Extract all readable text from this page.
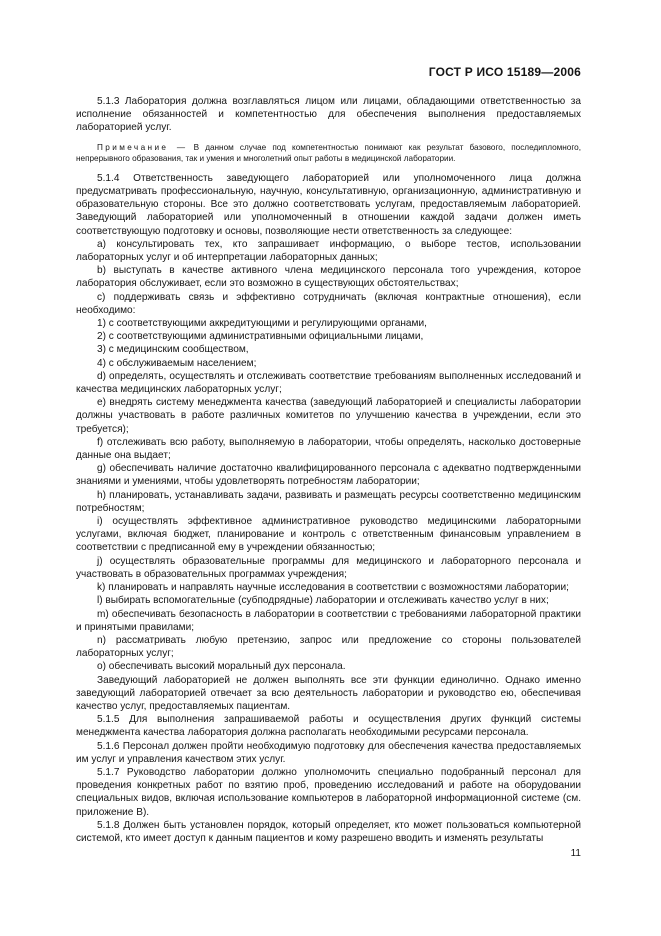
ГОСТ Р ИСО 15189—2006

5.1.3 Лаборатория должна возглавляться лицом или лицами, обладающими ответственностью за исполнение обязанностей и компетентностью для обеспечения выполнения предоставляемых лабораторией услуг.

Примечание — В данном случае под компетентностью понимают как результат базового, последипломного, непрерывного образования, так и умения и многолетний опыт работы в медицинской лаборатории.

5.1.4 Ответственность заведующего лабораторией или уполномоченного лица должна предусматривать профессиональную, научную, консультативную, организационную, административную и образовательную стороны. Все это должно соответствовать услугам, предоставляемым лабораторией. Заведующий лабораторией или уполномоченный в отношении каждой задачи должен иметь соответствующую подготовку и основы, позволяющие нести ответственность за следующее:

a) консультировать тех, кто запрашивает информацию, о выборе тестов, использовании лабораторных услуг и об интерпретации лабораторных данных;

b) выступать в качестве активного члена медицинского персонала того учреждения, которое лаборатория обслуживает, если это возможно в существующих обстоятельствах;

c) поддерживать связь и эффективно сотрудничать (включая контрактные отношения), если необходимо:

1) с соответствующими аккредитующими и регулирующими органами,

2) с соответствующими административными официальными лицами,

3) с медицинским сообществом,

4) с обслуживаемым населением;

d) определять, осуществлять и отслеживать соответствие требованиям выполненных исследований и качества медицинских лабораторных услуг;

e) внедрять систему менеджмента качества (заведующий лабораторией и специалисты лаборатории должны участвовать в работе различных комитетов по улучшению качества в учреждении, если это требуется);

f) отслеживать всю работу, выполняемую в лаборатории, чтобы определять, насколько достоверные данные она выдает;

g) обеспечивать наличие достаточно квалифицированного персонала с адекватно подтвержденными знаниями и умениями, чтобы удовлетворять потребностям лаборатории;

h) планировать, устанавливать задачи, развивать и размещать ресурсы соответственно медицинским потребностям;

i) осуществлять эффективное административное руководство медицинскими лабораторными услугами, включая бюджет, планирование и контроль с ответственным финансовым управлением в соответствии с предписанной ему в учреждении обязанностью;

j) осуществлять образовательные программы для медицинского и лабораторного персонала и участвовать в образовательных программах учреждения;

k) планировать и направлять научные исследования в соответствии с возможностями лаборатории;

l) выбирать вспомогательные (субподрядные) лаборатории и отслеживать качество услуг в них;

m) обеспечивать безопасность в лаборатории в соответствии с требованиями лабораторной практики и принятыми правилами;

n) рассматривать любую претензию, запрос или предложение со стороны пользователей лабораторных услуг;

o) обеспечивать высокий моральный дух персонала.

Заведующий лабораторией не должен выполнять все эти функции единолично. Однако именно заведующий лабораторией отвечает за всю деятельность лаборатории и руководство ею, обеспечивая качество услуг, предоставляемых пациентам.

5.1.5 Для выполнения запрашиваемой работы и осуществления других функций системы менеджмента качества лаборатория должна располагать необходимыми ресурсами персонала.

5.1.6 Персонал должен пройти необходимую подготовку для обеспечения качества предоставляемых им услуг и управления качеством этих услуг.

5.1.7 Руководство лаборатории должно уполномочить специально подобранный персонал для проведения конкретных работ по взятию проб, проведению исследований и работе на оборудовании специальных видов, включая использование компьютеров в лабораторной информационной системе (см. приложение B).

5.1.8 Должен быть установлен порядок, который определяет, кто может пользоваться компьютерной системой, кто имеет доступ к данным пациентов и кому разрешено вводить и изменять результаты

11
